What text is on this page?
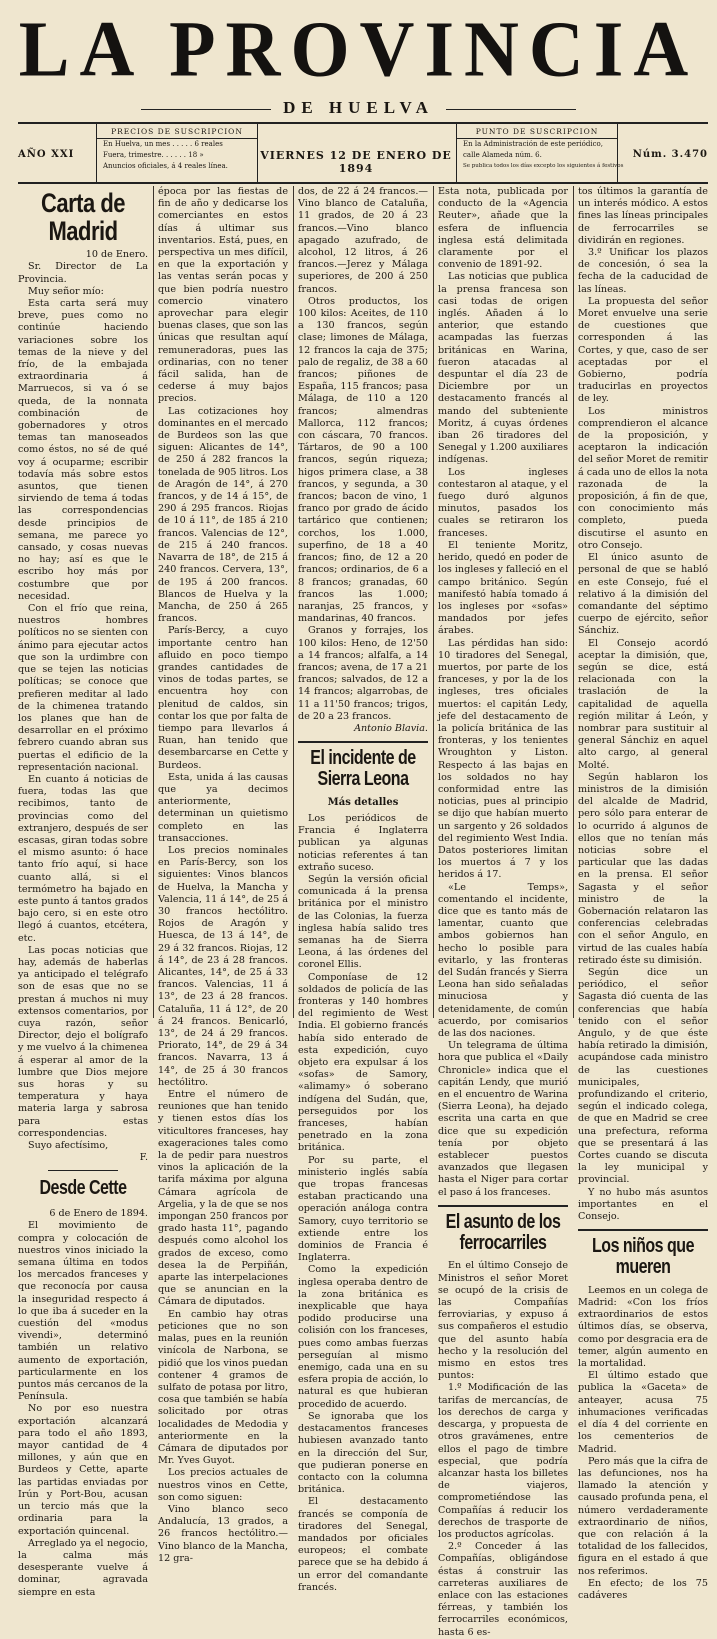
LA PROVINCIA
DE HUELVA
AÑO XXI
PRECIOS DE SUSCRIPCION
En Huelva, un mes . . . . . 6 reales
Fuera, trimestre. . . . . . 18 »
Anuncios oficiales, á 4 reales línea.
VIERNES 12 DE ENERO DE 1894
PUNTO DE SUSCRIPCION
En la Administración de este periódico,
calle Alameda núm. 6.
Se publica todos los días excepto los siguientes á festivos
Núm. 3.470
Carta de Madrid

10 de Enero.

Sr. Director de La Provincia.

Muy señor mío:

Esta carta será muy breve, pues como no continúe haciendo variaciones sobre los temas de la nieve y del frío, de la embajada extraordinaria á Marruecos, si va ó se queda, de la nonnata combinación de gobernadores y otros temas tan manoseados como éstos, no sé de qué voy á ocuparme; escribir todavía más sobre estos asuntos, que tienen sirviendo de tema á todas las correspondencias desde principios de semana, me parece yo cansado, y cosas nuevas no hay; así es que le escribo hoy más por costumbre que por necesidad.

Con el frío que reina, nuestros hombres políticos no se sienten con ánimo para ejecutar actos que son la urdimbre con que se tejen las noticias políticas; se conoce que prefieren meditar al lado de la chimenea tratando los planes que han de desarrollar en el próximo febrero cuando abran sus puertas el edificio de la representación nacional.

En cuanto á noticias de fuera, todas las que recibimos, tanto de provincias como del extranjero, después de ser escasas, giran todas sobre el mismo asunto: ó hace tanto frío aquí, si hace cuanto allá, si el termómetro ha bajado en este punto á tantos grados bajo cero, si en este otro llegó á cuantos, etcétera, etc.

Las pocas noticias que hay, además de haberlas ya anticipado el telégrafo son de esas que no se prestan á muchos ni muy extensos comentarios, por cuya razón, señor Director, dejo el bolígrafo y me vuelvo á la chimenea á esperar al amor de la lumbre que Dios mejore sus horas y su temperatura y haya materia larga y sabrosa para estas correspondencias.

Suyo afectísimo,

F.

Desde Cette

6 de Enero de 1894.

El movimiento de compra y colocación de nuestros vinos iniciado la semana última en todos los mercados franceses y que reconocía por causa la inseguridad respecto á lo que iba á suceder en la cuestión del «modus vivendi», determinó también un relativo aumento de exportación, particularmente en los puntos más cercanos de la Península.

No por eso nuestra exportación alcanzará para todo el año 1893, mayor cantidad de 4 millones, y aún que en Burdeos y Cette, aparte las partidas enviadas por Irún y Port-Bou, acusan un tercio más que la ordinaria para la exportación quincenal.

Arreglado ya el negocio, la calma más desesperante vuelve á dominar, agravada siempre en esta

época por las fiestas de fin de año y dedicarse los comerciantes en estos días á ultimar sus inventarios. Está, pues, en perspectiva un mes difícil, en que la exportación y las ventas serán pocas y que bien podría nuestro comercio vinatero aprovechar para elegir buenas clases, que son las únicas que resultan aquí remuneradoras, pues las ordinarias, con no tener fácil salida, han de cederse á muy bajos precios.

Las cotizaciones hoy dominantes en el mercado de Burdeos son las que siguen: Alicantes de 14°, de 250 á 282 francos la tonelada de 905 litros. Los de Aragón de 14°, á 270 francos, y de 14 á 15°, de 290 á 295 francos. Riojas de 10 á 11°, de 185 á 210 francos. Valencias de 12°, de 215 á 240 francos. Navarra de 18°, de 215 á 240 francos. Cervera, 13°, de 195 á 200 francos. Blancos de Huelva y la Mancha, de 250 á 265 francos.

París-Bercy, a cuyo importante centro han afluido en poco tiempo grandes cantidades de vinos de todas partes, se encuentra hoy con plenitud de caldos, sin contar los que por falta de tiempo para llevarlos á Ruan, han tenido que desembarcarse en Cette y Burdeos.

Esta, unida á las causas que ya decimos anteriormente, determinan un quietismo completo en las transacciones.

Los precios nominales en París-Bercy, son los siguientes: Vinos blancos de Huelva, la Mancha y Valencia, 11 á 14°, de 25 á 30 francos hectólitro. Rojos de Aragón y Huesca, de 13 á 14°, de 29 á 32 francos. Riojas, 12 á 14°, de 23 á 28 francos. Alicantes, 14°, de 25 á 33 francos. Valencias, 11 á 13°, de 23 á 28 francos. Cataluña, 11 á 12°, de 20 á 24 francos. Benicarló, 13°, de 24 á 29 francos. Priorato, 14°, de 29 á 34 francos. Navarra, 13 á 14°, de 25 á 30 francos hectólitro.

Entre el número de reuniones que han tenido y tienen estos días los viticultores franceses, hay exageraciones tales como la de pedir para nuestros vinos la aplicación de la tarifa máxima por alguna Cámara agrícola de Argelia, y la de que se nos impongan 250 francos por grado hasta 11°, pagando después como alcohol los grados de exceso, como desea la de Perpiñán, aparte las interpelaciones que se anuncian en la Cámara de diputados.

En cambio hay otras peticiones que no son malas, pues en la reunión vinícola de Narbona, se pidió que los vinos puedan contener 4 gramos de sulfato de potasa por litro, cosa que también se había solicitado por otras localidades de Medodia y anteriormente en la Cámara de diputados por Mr. Yves Guyot.

Los precios actuales de nuestros vinos en Cette, son como siguen:

Vino blanco seco Andalucía, 13 grados, a 26 francos hectólitro.—Vino blanco de la Mancha, 12 gra-

dos, de 22 á 24 francos.—Vino blanco de Cataluña, 11 grados, de 20 á 23 francos.—Vino blanco apagado azufrado, de alcohol, 12 litros, á 26 francos.—Jerez y Málaga superiores, de 200 á 250 francos.

Otros productos, los 100 kilos: Aceites, de 110 a 130 francos, según clase; limones de Málaga, 12 francos la caja de 375; palo de regaliz, de 38 a 60 francos; piñones de España, 115 francos; pasa Málaga, de 110 a 120 francos; almendras Mallorca, 112 francos; con cáscara, 70 francos. Tártaros, de 90 a 100 francos, según riqueza; higos primera clase, a 38 francos, y segunda, a 30 francos; bacon de vino, 1 franco por grado de ácido tartárico que contienen; corchos, los 1.000, superfino, de 18 a 40 francos; fino, de 12 a 20 francos; ordinarios, de 6 a 8 francos; granadas, 60 francos las 1.000; naranjas, 25 francos, y mandarinas, 40 francos.

Granos y forrajes, los 100 kilos: Heno, de 12'50 a 14 francos; alfalfa, a 14 francos; avena, de 17 a 21 francos; salvados, de 12 a 14 francos; algarrobas, de 11 a 11'50 francos; trigos, de 20 a 23 francos.

Antonio Blavia.

El incidente de Sierra Leona
Más detalles

Los periódicos de Francia é Inglaterra publican ya algunas noticias referentes á tan extraño suceso.

Según la versión oficial comunicada á la prensa británica por el ministro de las Colonias, la fuerza inglesa había salido tres semanas ha de Sierra Leona, á las órdenes del coronel Ellis.

Componíase de 12 soldados de policía de las fronteras y 140 hombres del regimiento de West India. El gobierno francés había sido enterado de esta expedición, cuyo objeto era expulsar á los «sofas» de Samory, «alimamy» ó soberano indígena del Sudán, que, perseguidos por los franceses, habían penetrado en la zona británica.

Por su parte, el ministerio inglés sabía que tropas francesas estaban practicando una operación análoga contra Samory, cuyo territorio se extiende entre los dominios de Francia é Inglaterra.

Como la expedición inglesa operaba dentro de la zona británica es inexplicable que haya podido producirse una colisión con los franceses, pues como ambas fuerzas perseguían al mismo enemigo, cada una en su esfera propia de acción, lo natural es que hubieran procedido de acuerdo.

Se ignoraba que los destacamentos franceses hubiesen avanzado tanto en la dirección del Sur, que pudieran ponerse en contacto con la columna británica.

El destacamento francés se componía de tiradores del Senegal, mandados por oficiales europeos; el combate parece que se ha debido á un error del comandante francés.

Esta nota, publicada por conducto de la «Agencia Reuter», añade que la esfera de influencia inglesa está delimitada claramente por el convenio de 1891-92.

Las noticias que publica la prensa francesa son casi todas de origen inglés. Añaden á lo anterior, que estando acampadas las fuerzas británicas en Warina, fueron atacadas al despuntar el día 23 de Diciembre por un destacamento francés al mando del subteniente Moritz, á cuyas órdenes iban 26 tiradores del Senegal y 1.200 auxiliares indígenas.

Los ingleses contestaron al ataque, y el fuego duró algunos minutos, pasados los cuales se retiraron los franceses.

El teniente Moritz, herido, quedó en poder de los ingleses y falleció en el campo británico. Según manifestó había tomado á los ingleses por «sofas» mandados por jefes árabes.

Las pérdidas han sido: 10 tiradores del Senegal, muertos, por parte de los franceses, y por la de los ingleses, tres oficiales muertos: el capitán Ledy, jefe del destacamento de la policía británica de las fronteras, y los tenientes Wroughton y Liston. Respecto á las bajas en los soldados no hay conformidad entre las noticias, pues al principio se dijo que habían muerto un sargento y 26 soldados del regimiento West India. Datos posteriores limitan los muertos á 7 y los heridos á 17.

«Le Temps», comentando el incidente, dice que es tanto más de lamentar, cuanto que ambos gobiernos han hecho lo posible para evitarlo, y las fronteras del Sudán francés y Sierra Leona han sido señaladas minuciosa y detenidamente, de común acuerdo, por comisarios de las dos naciones.

Un telegrama de última hora que publica el «Daily Chronicle» indica que el capitán Lendy, que murió en el encuentro de Warina (Sierra Leona), ha dejado escrita una carta en que dice que su expedición tenía por objeto establecer puestos avanzados que llegasen hasta el Niger para cortar el paso á los franceses.

El asunto de los ferrocarriles

En el último Consejo de Ministros el señor Moret se ocupó de la crisis de las Compañías ferroviarias, y expuso á sus compañeros el estudio que del asunto había hecho y la resolución del mismo en estos tres puntos:

1.º Modificación de las tarifas de mercancías, de los derechos de carga y descarga, y propuesta de otros gravámenes, entre ellos el pago de timbre especial, que podría alcanzar hasta los billetes de viajeros, comprometiéndose las Compañías á reducir los derechos de trasporte de los productos agrícolas.

2.º Conceder á las Compañías, obligándose éstas á construir las carreteras auxiliares de enlace con las estaciones férreas, y también los ferrocarriles económicos, hasta 6 es-

tos últimos la garantía de un interés módico. A estos fines las líneas principales de ferrocarriles se dividirán en regiones.

3.º Unificar los plazos de concesión, ó sea la fecha de la caducidad de las líneas.

La propuesta del señor Moret envuelve una serie de cuestiones que corresponden á las Cortes, y que, caso de ser aceptadas por el Gobierno, podría traducirlas en proyectos de ley.

Los ministros comprendieron el alcance de la proposición, y aceptaron la indicación del señor Moret de remitir á cada uno de ellos la nota razonada de la proposición, á fin de que, con conocimiento más completo, pueda discutirse el asunto en otro Consejo.

El único asunto de personal de que se habló en este Consejo, fué el relativo á la dimisión del comandante del séptimo cuerpo de ejército, señor Sánchiz.

El Consejo acordó aceptar la dimisión, que, según se dice, está relacionada con la traslación de la capitalidad de aquella región militar á León, y nombrar para sustituir al general Sánchiz en aquel alto cargo, al general Molté.

Según hablaron los ministros de la dimisión del alcalde de Madrid, pero sólo para enterar de lo ocurrido á algunos de ellos que no tenían más noticias sobre el particular que las dadas en la prensa. El señor Sagasta y el señor ministro de la Gobernación relataron las conferencias celebradas con el señor Angulo, en virtud de las cuales había retirado éste su dimisión.

Según dice un periódico, el señor Sagasta dió cuenta de las conferencias que había tenido con el señor Angulo, y de que éste había retirado la dimisión, acupándose cada ministro de las cuestiones municipales, profundizando el criterio, según el indicado colega, de que en Madrid se cree una prefectura, reforma que se presentará á las Cortes cuando se discuta la ley municipal y provincial.

Y no hubo más asuntos importantes en el Consejo.

Los niños que mueren

Leemos en un colega de Madrid: «Con los fríos extraordinarios de estos últimos días, se observa, como por desgracia era de temer, algún aumento en la mortalidad.

El último estado que publica la «Gaceta» de anteayer, acusa 75 inhumaciones verificadas el día 4 del corriente en los cementerios de Madrid.

Pero más que la cifra de las defunciones, nos ha llamado la atención y causado profunda pena, el número verdaderamente extraordinario de niños, que con relación á la totalidad de los fallecidos, figura en el estado á que nos referimos.

En efecto; de los 75 cadáveres
